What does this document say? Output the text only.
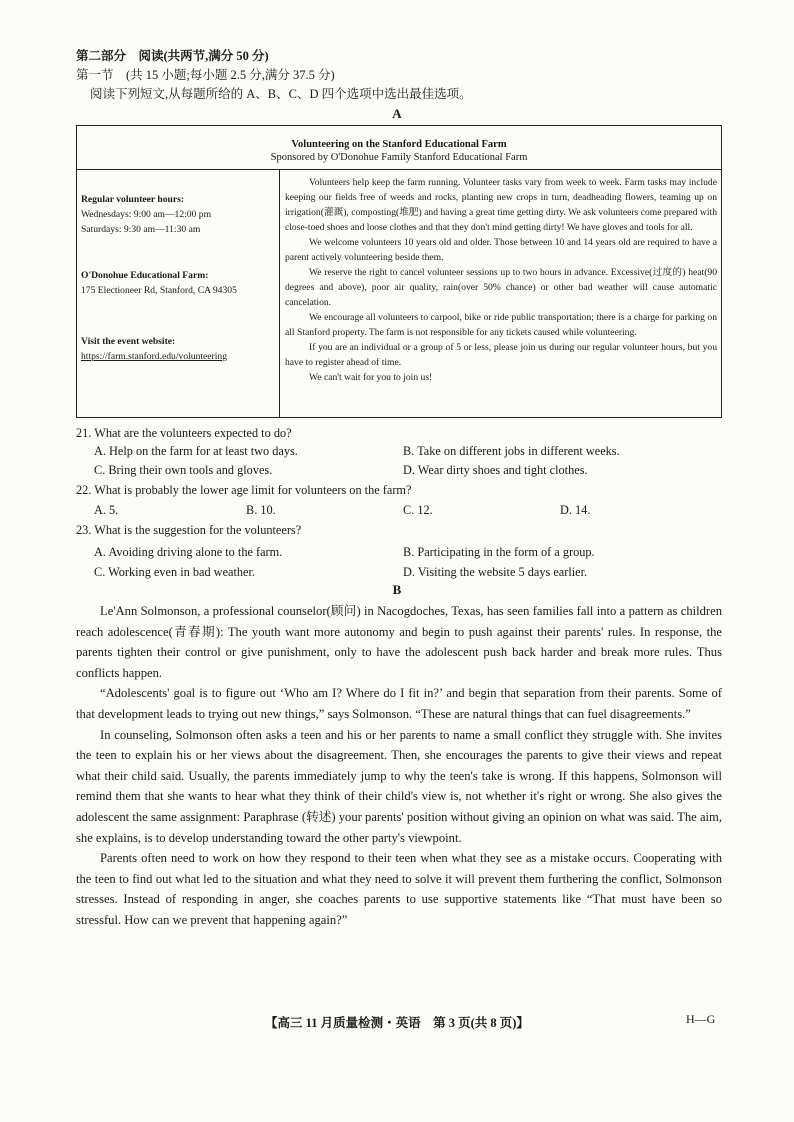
第二部分　阅读(共两节,满分 50 分)
第一节　(共 15 小题;每小题 2.5 分,满分 37.5 分)
阅读下列短文,从每题所给的 A、B、C、D 四个选项中选出最佳选项。
A
Volunteering on the Stanford Educational Farm
Sponsored by O'Donohue Family Stanford Educational Farm
Regular volunteer hours:
Wednesdays: 9:00 am—12:00 pm
Saturdays: 9:30 am—11:30 am
O'Donohue Educational Farm:
175 Electioneer Rd, Stanford, CA 94305
Visit the event website:
https://farm.stanford.edu/volunteering

Volunteers help keep the farm running. Volunteer tasks vary from week to week. Farm tasks may include keeping our fields free of weeds and rocks, planting new crops in turn, deadheading flowers, teaming up on irrigation(灌溉), composting(堆肥) and having a great time getting dirty. We ask volunteers come prepared with close-toed shoes and loose clothes and that they don't mind getting dirty! We have gloves and tools for all.

We welcome volunteers 10 years old and older. Those between 10 and 14 years old are required to have a parent actively volunteering beside them.

We reserve the right to cancel volunteer sessions up to two hours in advance. Excessive(过度的) heat(90 degrees and above), poor air quality, rain(over 50% chance) or other bad weather will cause automatic cancelation.

We encourage all volunteers to carpool, bike or ride public transportation; there is a charge for parking on all Stanford property. The farm is not responsible for any tickets caused while volunteering.

If you are an individual or a group of 5 or less, please join us during our regular volunteer hours, but you have to register ahead of time.

We can't wait for you to join us!

21. What are the volunteers expected to do?
A. Help on the farm for at least two days.	B. Take on different jobs in different weeks.
C. Bring their own tools and gloves.	D. Wear dirty shoes and tight clothes.
22. What is probably the lower age limit for volunteers on the farm?
A. 5.	B. 10.	C. 12.	D. 14.
23. What is the suggestion for the volunteers?
A. Avoiding driving alone to the farm.	B. Participating in the form of a group.
C. Working even in bad weather.	D. Visiting the website 5 days earlier.
B

Le'Ann Solmonson, a professional counselor(顾问) in Nacogdoches, Texas, has seen families fall into a pattern as children reach adolescence(青春期): The youth want more autonomy and begin to push against their parents' rules. In response, the parents tighten their control or give punishment, only to have the adolescent push back harder and break more rules. Thus conflicts happen.

“Adolescents' goal is to figure out ‘Who am I? Where do I fit in?’ and begin that separation from their parents. Some of that development leads to trying out new things,” says Solmonson. “These are natural things that can fuel disagreements.”

In counseling, Solmonson often asks a teen and his or her parents to name a small conflict they struggle with. She invites the teen to explain his or her views about the disagreement. Then, she encourages the parents to give their views and repeat what their child said. Usually, the parents immediately jump to why the teen's take is wrong. If this happens, Solmonson will remind them that she wants to hear what they think of their child's view is, not whether it's right or wrong. She also gives the adolescent the same assignment: Paraphrase (转述) your parents' position without giving an opinion on what was said. The aim, she explains, is to develop understanding toward the other party's viewpoint.

Parents often need to work on how they respond to their teen when what they see as a mistake occurs. Cooperating with the teen to find out what led to the situation and what they need to solve it will prevent them furthering the conflict, Solmonson stresses. Instead of responding in anger, she coaches parents to use supportive statements like “That must have been so stressful. How can we prevent that happening again?”

【高三 11 月质量检测・英语　第 3 页(共 8 页)】	H—G
